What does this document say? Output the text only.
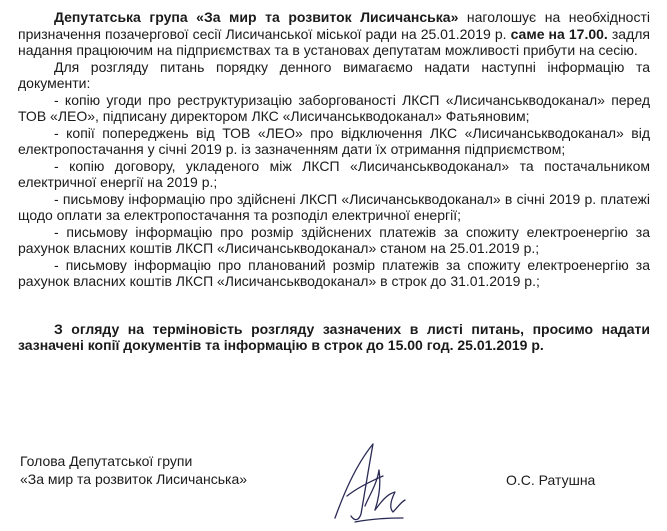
Депутатська група «За мир та розвиток Лисичанська» наголошує на необхідності призначення позачергової сесії Лисичанської міської ради на 25.01.2019 р. саме на 17.00. задля надання працюючим на підприємствах та в установах депутатам можливості прибути на сесію.

Для розгляду питань порядку денного вимагаємо надати наступні інформацію та документи:

- копію угоди про реструктуризацію заборгованості ЛКСП «Лисичанськводоканал» перед ТОВ «ЛЕО», підписану директором ЛКС «Лисичанськводоканал» Фатьяновим;

- копії попереджень від ТОВ «ЛЕО» про відключення ЛКС «Лисичанськводоканал» від електропостачання у січні 2019 р. із зазначенням дати їх отримання підприємством;

- копію договору, укладеного між ЛКСП «Лисичанськводоканал» та постачальником електричної енергії на 2019 р.;

- письмову інформацію про здійснені ЛКСП «Лисичанськводоканал» в січні 2019 р. платежі щодо оплати за електропостачання та розподіл електричної енергії;

- письмову інформацію про розмір здійснених платежів за спожиту електроенергію за рахунок власних коштів ЛКСП «Лисичанськводоканал» станом на 25.01.2019 р.;

- письмову інформацію про планований розмір платежів за спожиту електроенергію за рахунок власних коштів ЛКСП «Лисичанськводоканал» в строк до 31.01.2019 р.;

З огляду на терміновість розгляду зазначених в листі питань, просимо надати зазначені копії документів та інформацію в строк до 15.00 год. 25.01.2019 р.

Голова Депутатської групи
«За мир та розвиток Лисичанська»	О.С. Ратушна
